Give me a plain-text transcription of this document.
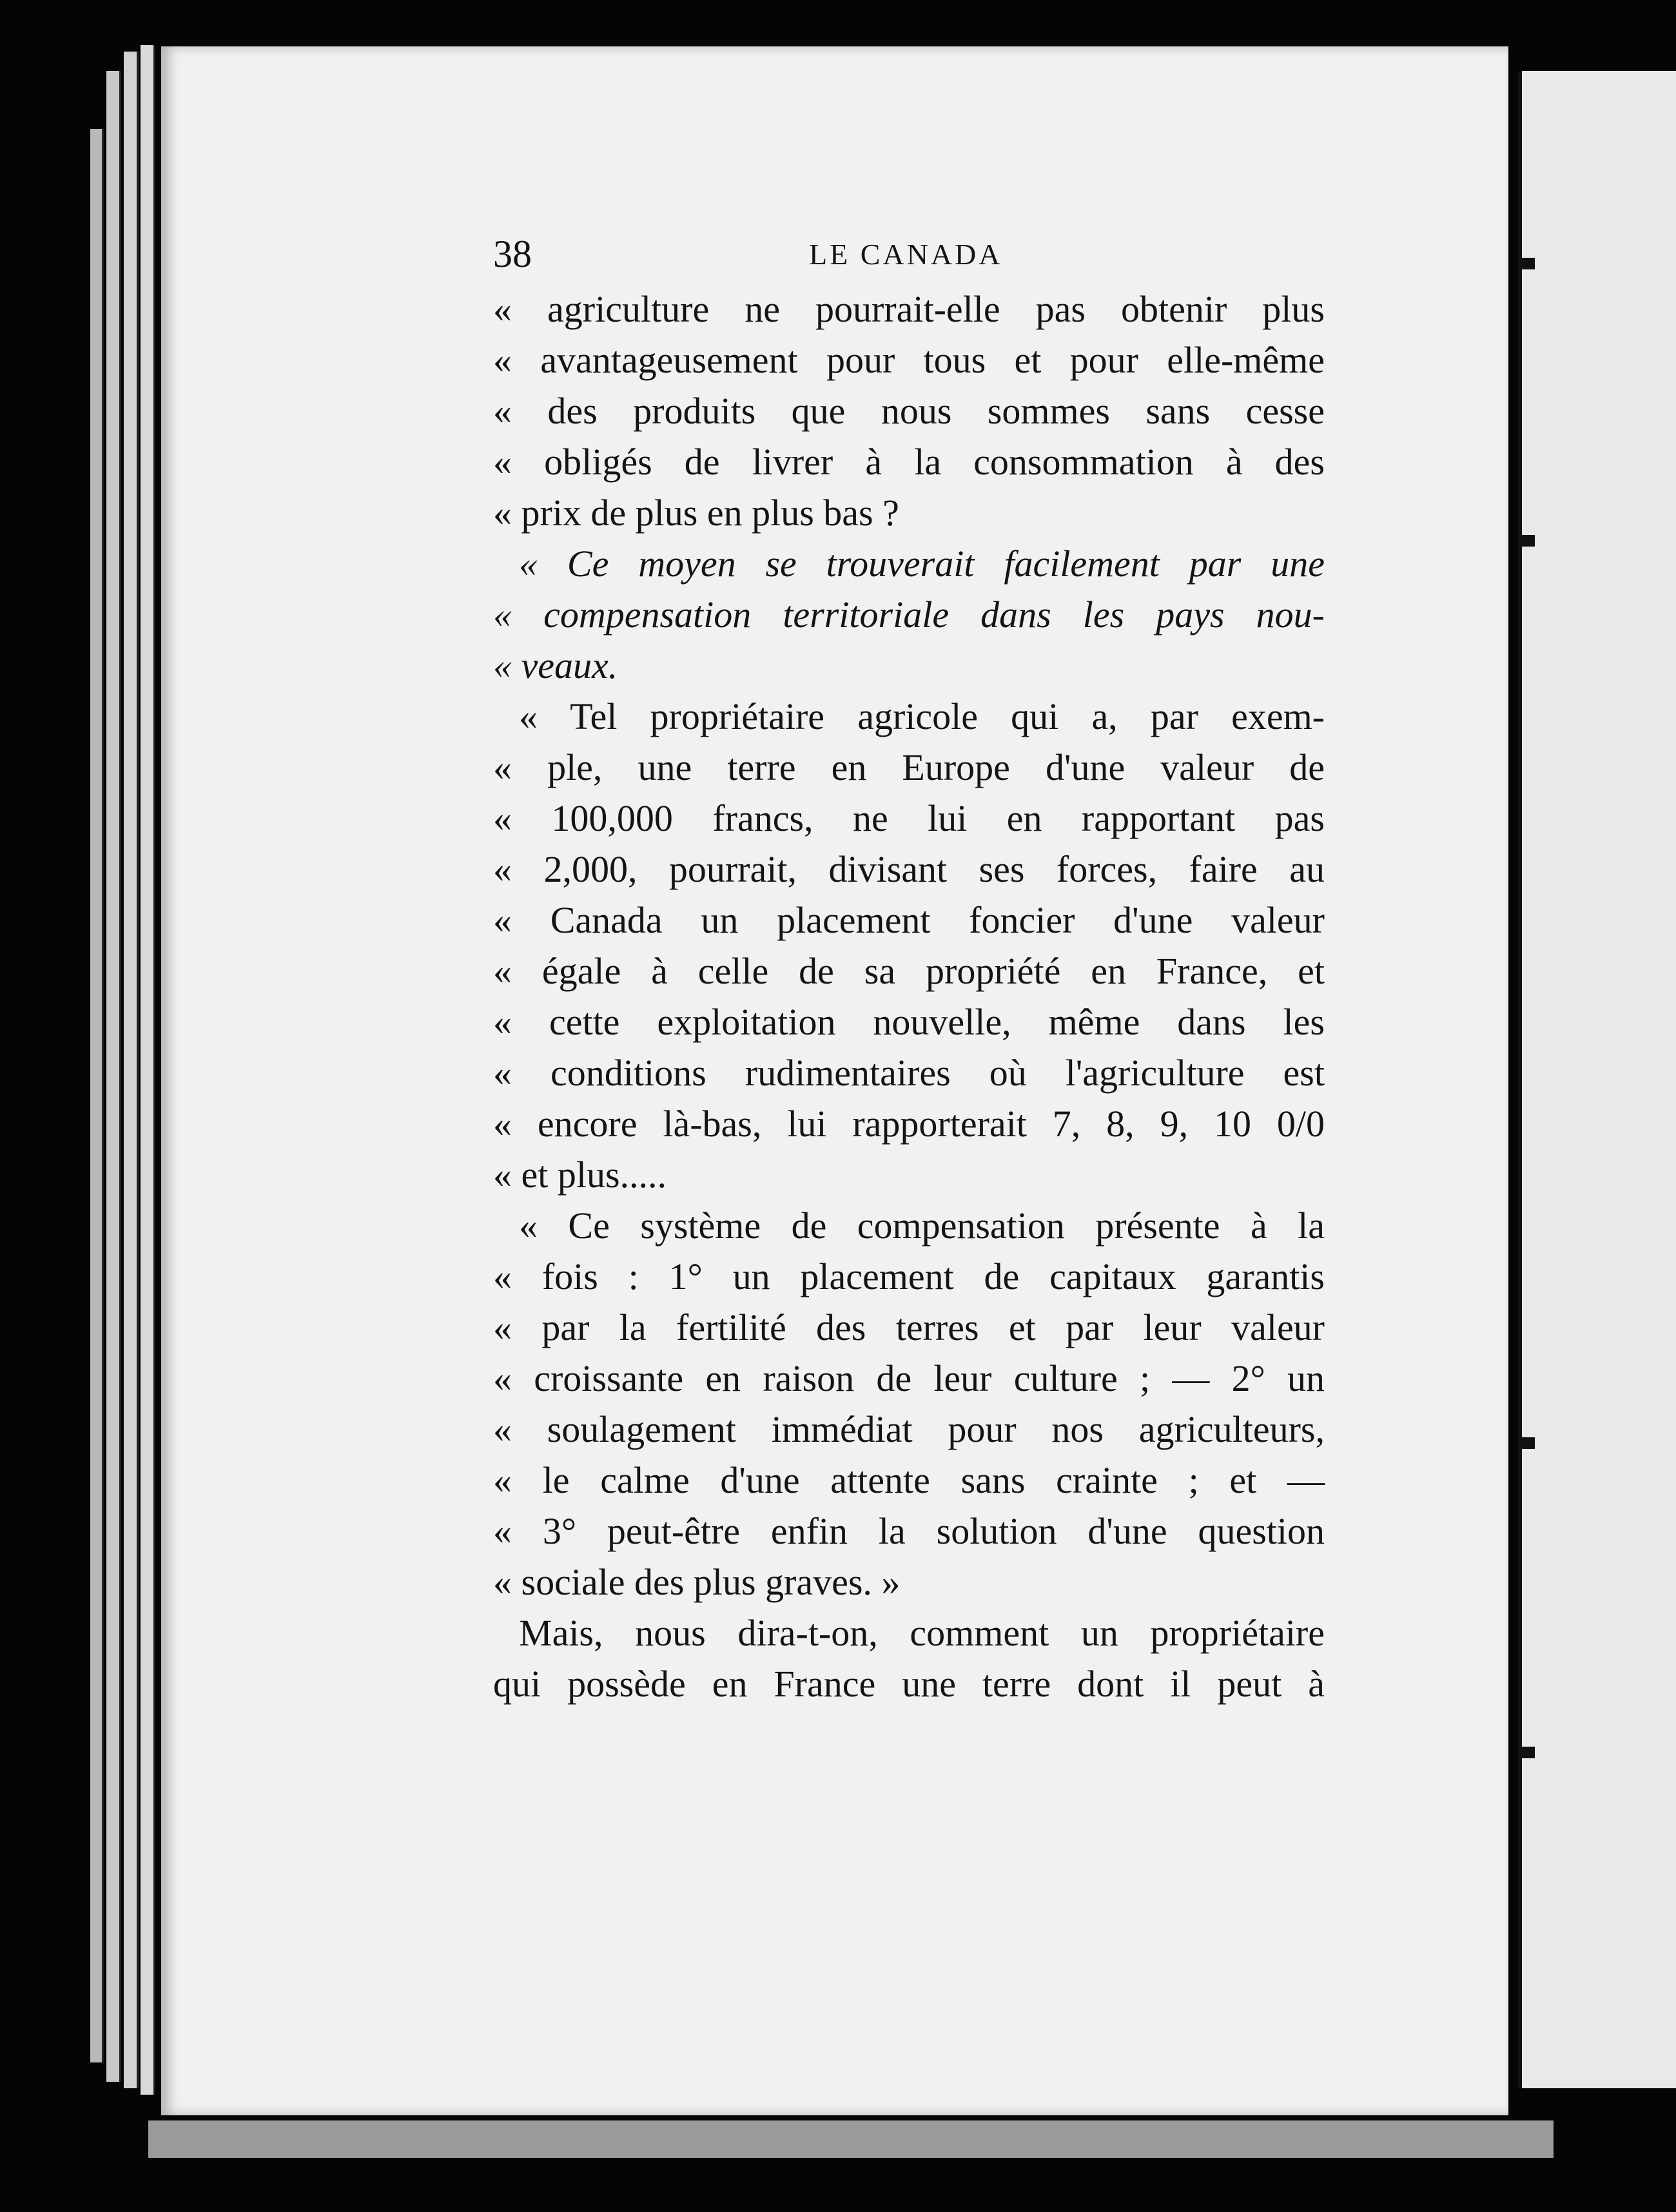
38	LE CANADA
« agriculture ne pourrait-elle pas obtenir plus
« avantageusement pour tous et pour elle-même
« des produits que nous sommes sans cesse
« obligés de livrer à la consommation à des
« prix de plus en plus bas ?
« Ce moyen se trouverait facilement par une
« compensation territoriale dans les pays nou-
« veaux.
« Tel propriétaire agricole qui a, par exem-
« ple, une terre en Europe d'une valeur de
« 100,000 francs, ne lui en rapportant pas
« 2,000, pourrait, divisant ses forces, faire au
« Canada un placement foncier d'une valeur
« égale à celle de sa propriété en France, et
« cette exploitation nouvelle, même dans les
« conditions rudimentaires où l'agriculture est
« encore là-bas, lui rapporterait 7, 8, 9, 10 0/0
« et plus.....
« Ce système de compensation présente à la
« fois : 1° un placement de capitaux garantis
« par la fertilité des terres et par leur valeur
« croissante en raison de leur culture ; — 2° un
« soulagement immédiat pour nos agriculteurs,
« le calme d'une attente sans crainte ; et —
« 3° peut-être enfin la solution d'une question
« sociale des plus graves. »
Mais, nous dira-t-on, comment un propriétaire
qui possède en France une terre dont il peut à
